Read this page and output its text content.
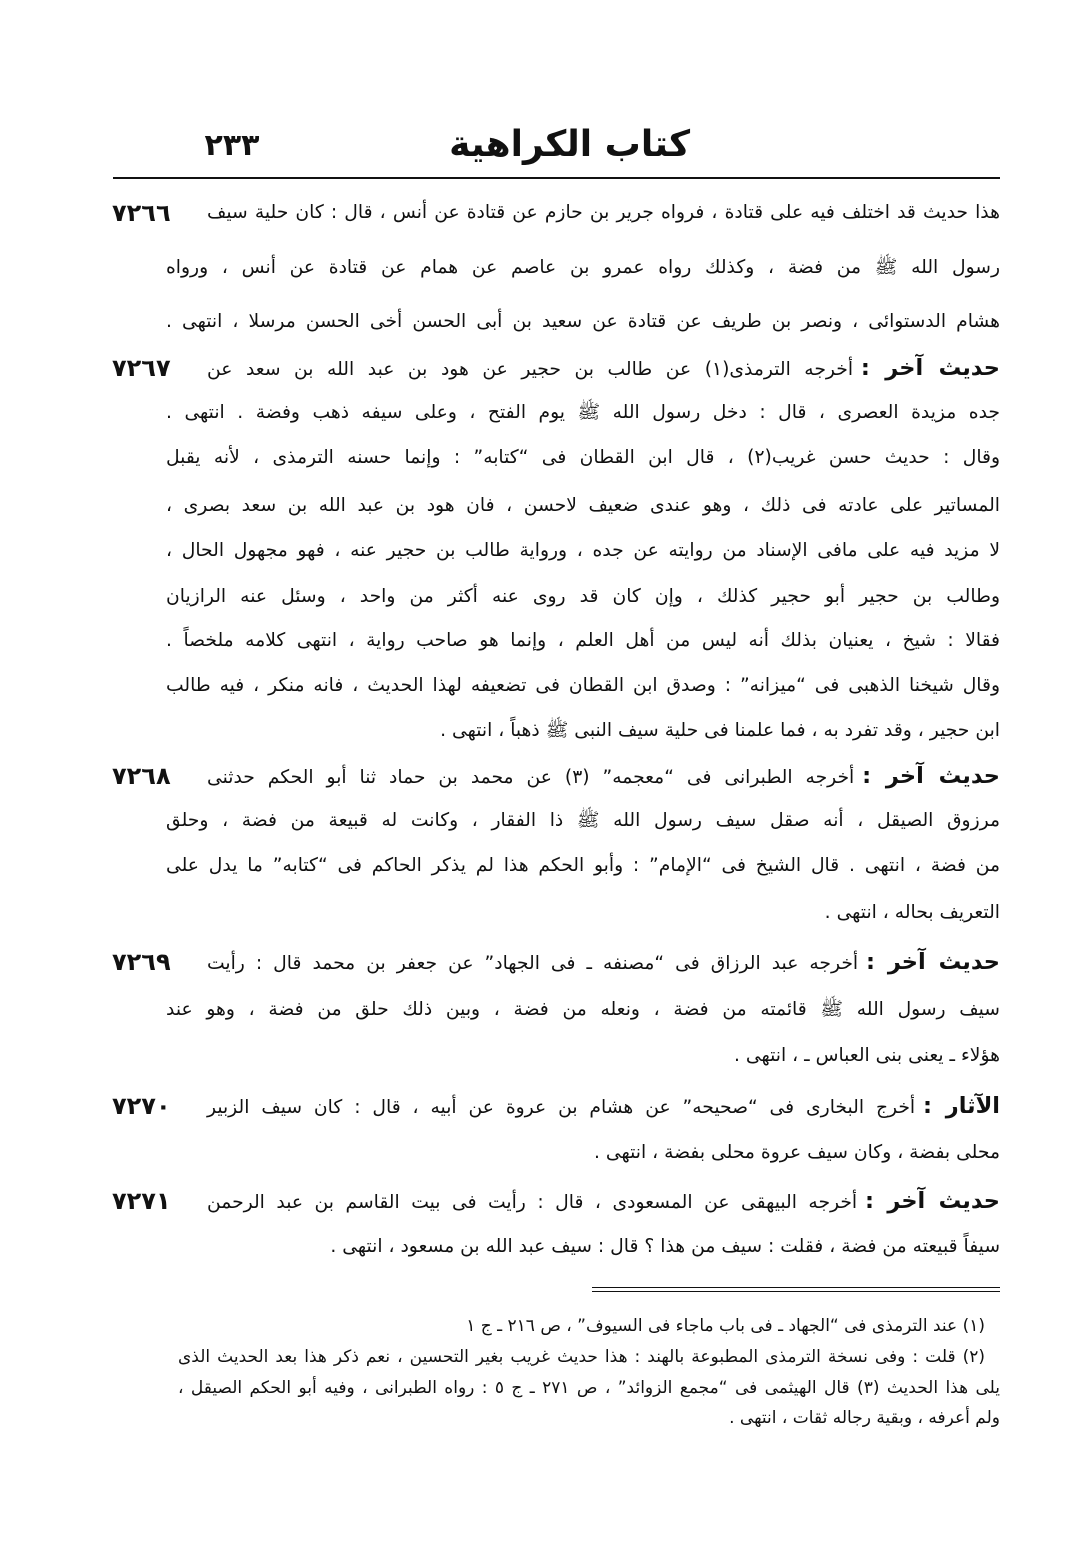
٢٣٣	كتاب الكراهية
٧٢٦٦	هذا حديث قد اختلف فيه على قتادة ، فرواه جرير بن حازم عن قتادة عن أنس ، قال : كان حلية سيف
رسول الله ﷺ من فضة ، وكذلك رواه عمرو بن عاصم عن همام عن قتادة عن أنس ، ورواه
هشام الدستوائى ، ونصر بن طريف عن قتادة عن سعيد بن أبى الحسن أخى الحسن مرسلا ، انتهى .
٧٢٦٧	حديث آخر :أخرجه الترمذى(١) عن طالب بن حجير عن هود بن عبد الله بن سعد عن
جده مزيدة العصرى ، قال : دخل رسول الله ﷺ يوم الفتح ، وعلى سيفه ذهب وفضة . انتهى .
وقال : حديث حسن غريب(٢) ، قال ابن القطان فى “كتابه” : وإنما حسنه الترمذى ، لأنه يقبل
المساتير على عادته فى ذلك ، وهو عندى ضعيف لاحسن ، فان هود بن عبد الله بن سعد بصرى ،
لا مزيد فيه على مافى الإسناد من روايته عن جده ، ورواية طالب بن حجير عنه ، فهو مجهول الحال ،
وطالب بن حجير أبو حجير كذلك ، وإن كان قد روى عنه أكثر من واحد ، وسئل عنه الرازيان
فقالا : شيخ ، يعنيان بذلك أنه ليس من أهل العلم ، وإنما هو صاحب رواية ، انتهى كلامه ملخصاً .
وقال شيخنا الذهبى فى “ميزانه” : وصدق ابن القطان فى تضعيفه لهذا الحديث ، فانه منكر ، فيه طالب
ابن حجير ، وقد تفرد به ، فما علمنا فى حلية سيف النبى ﷺ ذهباً ، انتهى .
٧٢٦٨	حديث آخر :أخرجه الطبرانى فى “معجمه” (٣) عن محمد بن حماد ثنا أبو الحكم حدثنى
مرزوق الصيقل ، أنه صقل سيف رسول الله ﷺ ذا الفقار ، وكانت له قبيعة من فضة ، وحلق
من فضة ، انتهى . قال الشيخ فى “الإمام” : وأبو الحكم هذا لم يذكر الحاكم فى “كتابه” ما يدل على
التعريف بحاله ، انتهى .
٧٢٦٩	حديث آخر :أخرجه عبد الرزاق فى “مصنفه ـ فى الجهاد” عن جعفر بن محمد قال : رأيت
سيف رسول الله ﷺ قائمته من فضة ، ونعله من فضة ، وبين ذلك حلق من فضة ، وهو عند
هؤلاء ـ يعنى بنى العباس ـ ، انتهى .
٧٢٧٠	الآثار :أخرج البخارى فى “صحيحه” عن هشام بن عروة عن أبيه ، قال : كان سيف الزبير
محلى بفضة ، وكان سيف عروة محلى بفضة ، انتهى .
٧٢٧١	حديث آخر :أخرجه البيهقى عن المسعودى ، قال : رأيت فى بيت القاسم بن عبد الرحمن
سيفاً قبيعته من فضة ، فقلت : سيف من هذا ؟ قال : سيف عبد الله بن مسعود ، انتهى .
(١) عند الترمذى فى “الجهاد ـ فى باب ماجاء فى السيوف” ، ص ٢١٦ ـ ج ١
(٢) قلت : وفى نسخة الترمذى المطبوعة بالهند : هذا حديث غريب بغير التحسين ، نعم ذكر هذا بعد الحديث الذى
يلى هذا الحديث (٣) قال الهيثمى فى “مجمع الزوائد” ، ص ٢٧١ ـ ج ٥ : رواه الطبرانى ، وفيه أبو الحكم الصيقل ،
ولم أعرفه ، وبقية رجاله ثقات ، انتهى .
